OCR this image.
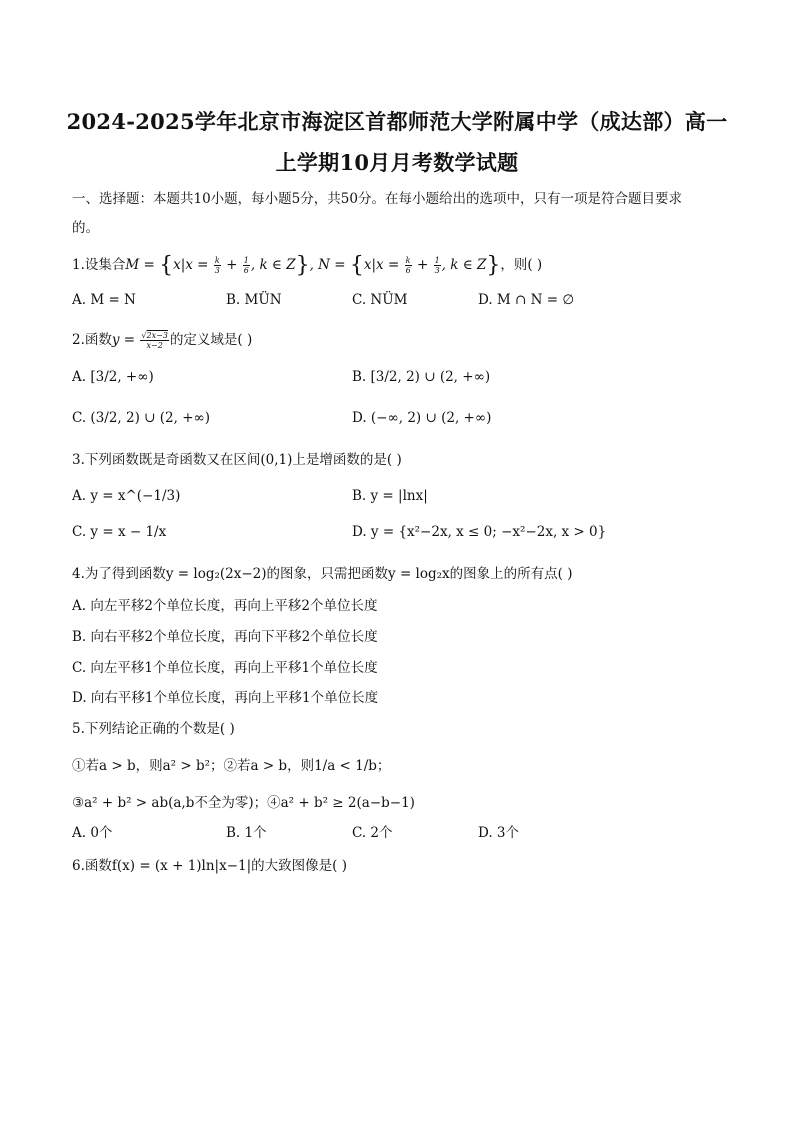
2024-2025学年北京市海淀区首都师范大学附属中学（成达部）高一
上学期10月月考数学试题
一、选择题：本题共10小题，每小题5分，共50分。在每小题给出的选项中，只有一项是符合题目要求
的。
1.设集合$M = \{x|x = \frac{k}{3} + \frac{1}{6}$ , k ∈ Z}, $N = \{x|x = \frac{k}{6} + \frac{1}{3}$ , k ∈ Z}，则( )
A. M = N	B. MÜN	C. NÜM	D. M ∩ N = ∅
2.函数$y = \frac{√2x-3}{x-2}$ 的定义域是( )
A. [3/2, +∞)	B. [3/2, 2) ∪ (2, +∞)
C. (3/2, 2) ∪ (2, +∞)	D. (−∞, 2) ∪ (2, +∞)
3.下列函数既是奇函数又在区间(0,1)上是增函数的是( )
A. y = x^(−1/3)	B. y = |lnx|
C. y = x − 1/x	D. y = {x²−2x, x ≤ 0; −x²−2x, x > 0}
4.为了得到函数y = log₂(2x−2)的图象，只需把函数y = log₂x的图象上的所有点( )
A. 向左平移2个单位长度，再向上平移2个单位长度
B. 向右平移2个单位长度，再向下平移2个单位长度
C. 向左平移1个单位长度，再向上平移1个单位长度
D. 向右平移1个单位长度，再向上平移1个单位长度
5.下列结论正确的个数是( )
①若a > b，则a² > b²；②若a > b，则1/a < 1/b；
③a² + b² > ab(a,b不全为零)；④a² + b² ≥ 2(a−b−1)
A. 0个	B. 1个	C. 2个	D. 3个
6.函数f(x) = (x + 1)ln|x−1|的大致图像是( )
